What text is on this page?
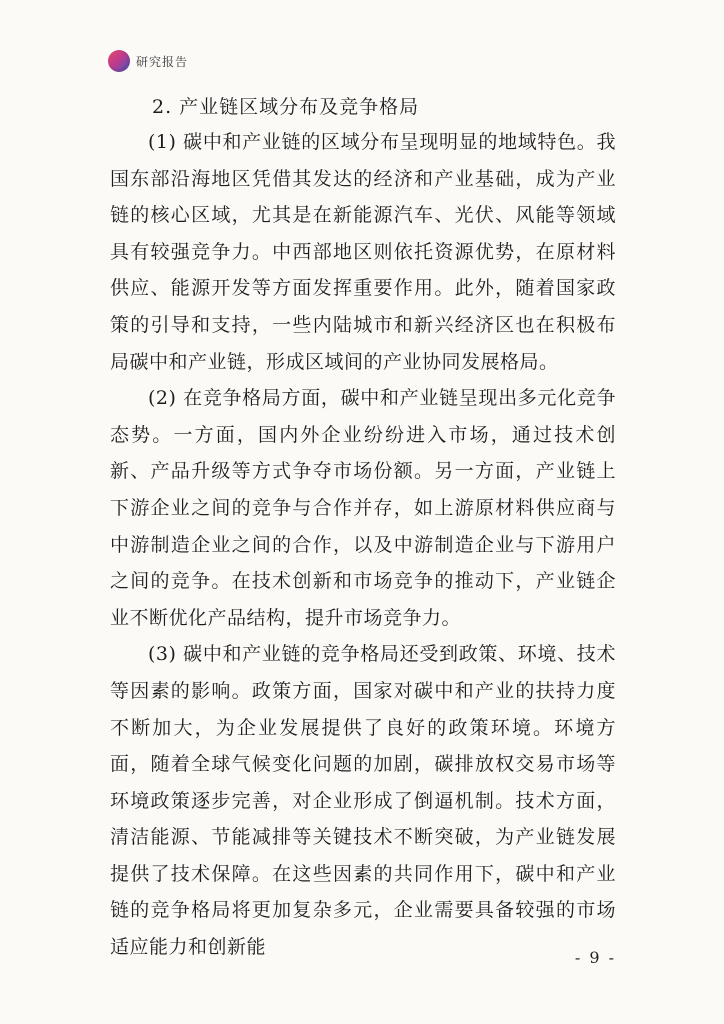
研究报告
2. 产业链区域分布及竞争格局

(1) 碳中和产业链的区域分布呈现明显的地域特色。我国东部沿海地区凭借其发达的经济和产业基础，成为产业链的核心区域，尤其是在新能源汽车、光伏、风能等领域具有较强竞争力。中西部地区则依托资源优势，在原材料供应、能源开发等方面发挥重要作用。此外，随着国家政策的引导和支持，一些内陆城市和新兴经济区也在积极布局碳中和产业链，形成区域间的产业协同发展格局。

(2) 在竞争格局方面，碳中和产业链呈现出多元化竞争态势。一方面，国内外企业纷纷进入市场，通过技术创新、产品升级等方式争夺市场份额。另一方面，产业链上下游企业之间的竞争与合作并存，如上游原材料供应商与中游制造企业之间的合作，以及中游制造企业与下游用户之间的竞争。在技术创新和市场竞争的推动下，产业链企业不断优化产品结构，提升市场竞争力。

(3) 碳中和产业链的竞争格局还受到政策、环境、技术等因素的影响。政策方面，国家对碳中和产业的扶持力度不断加大，为企业发展提供了良好的政策环境。环境方面，随着全球气候变化问题的加剧，碳排放权交易市场等环境政策逐步完善，对企业形成了倒逼机制。技术方面，清洁能源、节能减排等关键技术不断突破，为产业链发展提供了技术保障。在这些因素的共同作用下，碳中和产业链的竞争格局将更加复杂多元，企业需要具备较强的市场适应能力和创新能	- 9 -
